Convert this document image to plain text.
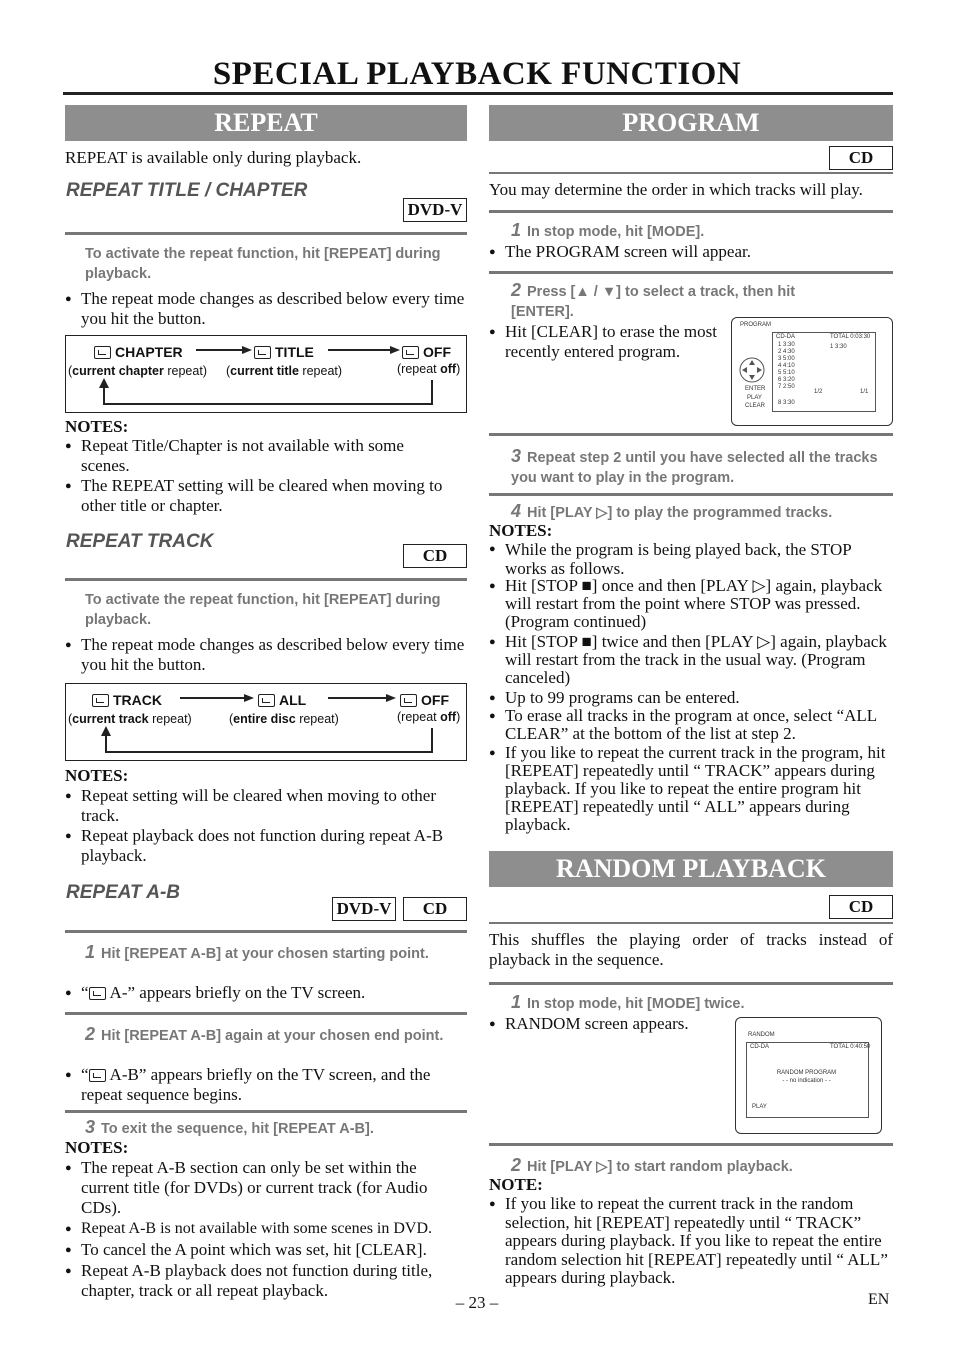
SPECIAL PLAYBACK FUNCTION
REPEAT
REPEAT is available only during playback.
REPEAT TITLE / CHAPTER
DVD-V
To activate the repeat function, hit [REPEAT] during playback.
● The repeat mode changes as described below every time you hit the button.
CHAPTER
(current chapter repeat)
TITLE
(current title repeat)
OFF
(repeat off)
NOTES:
● Repeat Title/Chapter is not available with some scenes.
● The REPEAT setting will be cleared when moving to other title or chapter.
REPEAT TRACK
CD
To activate the repeat function, hit [REPEAT] during playback.
● The repeat mode changes as described below every time you hit the button.
TRACK
(current track repeat)
ALL
(entire disc repeat)
OFF
(repeat off)
NOTES:
● Repeat setting will be cleared when moving to other track.
● Repeat playback does not function during repeat A-B playback.
REPEAT A-B
DVD-V	CD
1 Hit [REPEAT A-B] at your chosen starting point.
● “ A-” appears briefly on the TV screen.
2 Hit [REPEAT A-B] again at your chosen end point.
● “ A-B” appears briefly on the TV screen, and the repeat sequence begins.
3 To exit the sequence, hit [REPEAT A-B].
NOTES:
● The repeat A-B section can only be set within the current title (for DVDs) or current track (for Audio CDs).
● Repeat A-B is not available with some scenes in DVD.
● To cancel the A point which was set, hit [CLEAR].
● Repeat A-B playback does not function during title, chapter, track or all repeat playback.
PROGRAM
CD
You may determine the order in which tracks will play.
1 In stop mode, hit [MODE].
● The PROGRAM screen will appear.
2 Press [▲ / ▼] to select a track, then hit [ENTER].
● Hit [CLEAR] to erase the most recently entered program.
PROGRAM
CD-DA	TOTAL 0:03:30
1 3:30
2 4:30
3 5:00
4 4:10
5 5:10
6 3:20
7 2:50
1 3:30
1/2	1/1
8 3:30
ENTER
PLAY
CLEAR
3 Repeat step 2 until you have selected all the tracks you want to play in the program.
4 Hit [PLAY ▷] to play the programmed tracks.
NOTES:
● While the program is being played back, the STOP works as follows.
● Hit [STOP ■] once and then [PLAY ▷] again, playback will restart from the point where STOP was pressed. (Program continued)
● Hit [STOP ■] twice and then [PLAY ▷] again, playback will restart from the track in the usual way. (Program canceled)
● Up to 99 programs can be entered.
● To erase all tracks in the program at once, select “ALL CLEAR” at the bottom of the list at step 2.
● If you like to repeat the current track in the program, hit [REPEAT] repeatedly until “ TRACK” appears during playback. If you like to repeat the entire program hit [REPEAT] repeatedly until “ ALL” appears during playback.
RANDOM PLAYBACK
CD
This shuffles the playing order of tracks instead of playback in the sequence.
1 In stop mode, hit [MODE] twice.
● RANDOM screen appears.
RANDOM
CD-DA	TOTAL 0:40:50
RANDOM PROGRAM
- - no indication - -
PLAY
2 Hit [PLAY ▷] to start random playback.
NOTE:
● If you like to repeat the current track in the random selection, hit [REPEAT] repeatedly until “ TRACK” appears during playback. If you like to repeat the entire random selection hit [REPEAT] repeatedly until “ ALL” appears during playback.
– 23 –	EN
